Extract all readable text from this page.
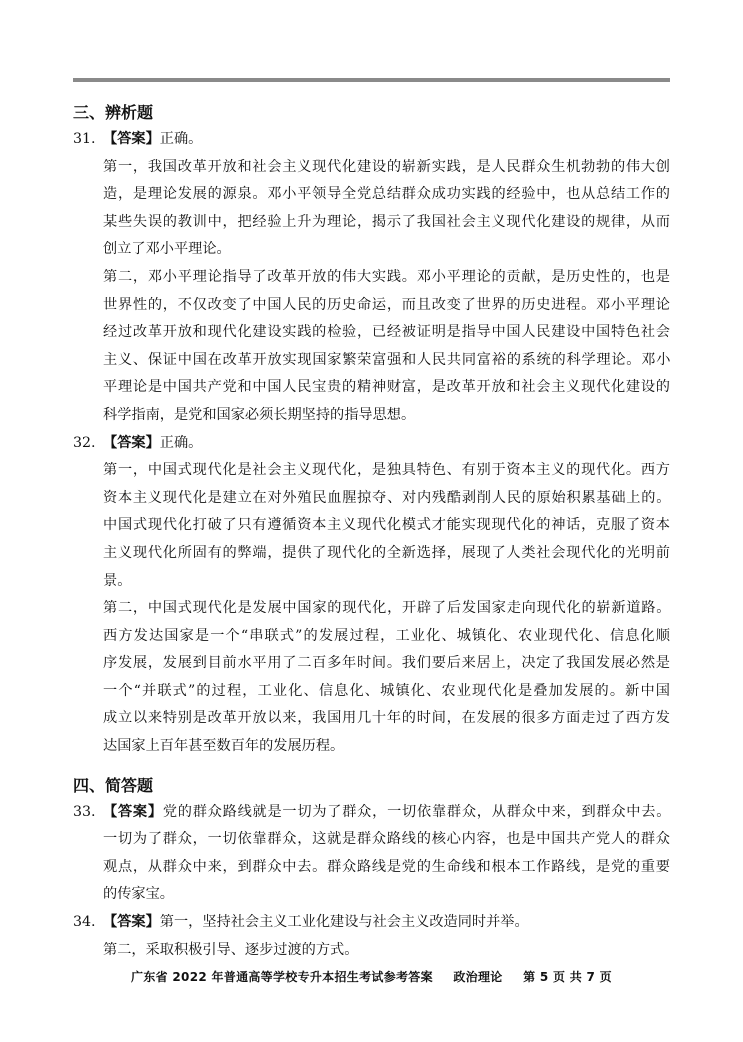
三、辨析题
31. 【答案】正确。
第一，我国改革开放和社会主义现代化建设的崭新实践，是人民群众生机勃勃的伟大创
造，是理论发展的源泉。邓小平领导全党总结群众成功实践的经验中，也从总结工作的
某些失误的教训中，把经验上升为理论，揭示了我国社会主义现代化建设的规律，从而
创立了邓小平理论。
第二，邓小平理论指导了改革开放的伟大实践。邓小平理论的贡献，是历史性的，也是
世界性的，不仅改变了中国人民的历史命运，而且改变了世界的历史进程。邓小平理论
经过改革开放和现代化建设实践的检验，已经被证明是指导中国人民建设中国特色社会
主义、保证中国在改革开放实现国家繁荣富强和人民共同富裕的系统的科学理论。邓小
平理论是中国共产党和中国人民宝贵的精神财富，是改革开放和社会主义现代化建设的
科学指南，是党和国家必须长期坚持的指导思想。
32. 【答案】正确。
第一，中国式现代化是社会主义现代化，是独具特色、有别于资本主义的现代化。西方
资本主义现代化是建立在对外殖民血腥掠夺、对内残酷剥削人民的原始积累基础上的。
中国式现代化打破了只有遵循资本主义现代化模式才能实现现代化的神话，克服了资本
主义现代化所固有的弊端，提供了现代化的全新选择，展现了人类社会现代化的光明前
景。
第二，中国式现代化是发展中国家的现代化，开辟了后发国家走向现代化的崭新道路。
西方发达国家是一个“串联式”的发展过程，工业化、城镇化、农业现代化、信息化顺
序发展，发展到目前水平用了二百多年时间。我们要后来居上，决定了我国发展必然是
一个“并联式”的过程，工业化、信息化、城镇化、农业现代化是叠加发展的。新中国
成立以来特别是改革开放以来，我国用几十年的时间，在发展的很多方面走过了西方发
达国家上百年甚至数百年的发展历程。
四、简答题
33. 【答案】党的群众路线就是一切为了群众，一切依靠群众，从群众中来，到群众中去。
一切为了群众，一切依靠群众，这就是群众路线的核心内容，也是中国共产党人的群众
观点，从群众中来，到群众中去。群众路线是党的生命线和根本工作路线，是党的重要
的传家宝。
34. 【答案】第一，坚持社会主义工业化建设与社会主义改造同时并举。
第二，采取积极引导、逐步过渡的方式。
广东省 2022 年普通高等学校专升本招生考试参考答案 政治理论 第 5 页 共 7 页
